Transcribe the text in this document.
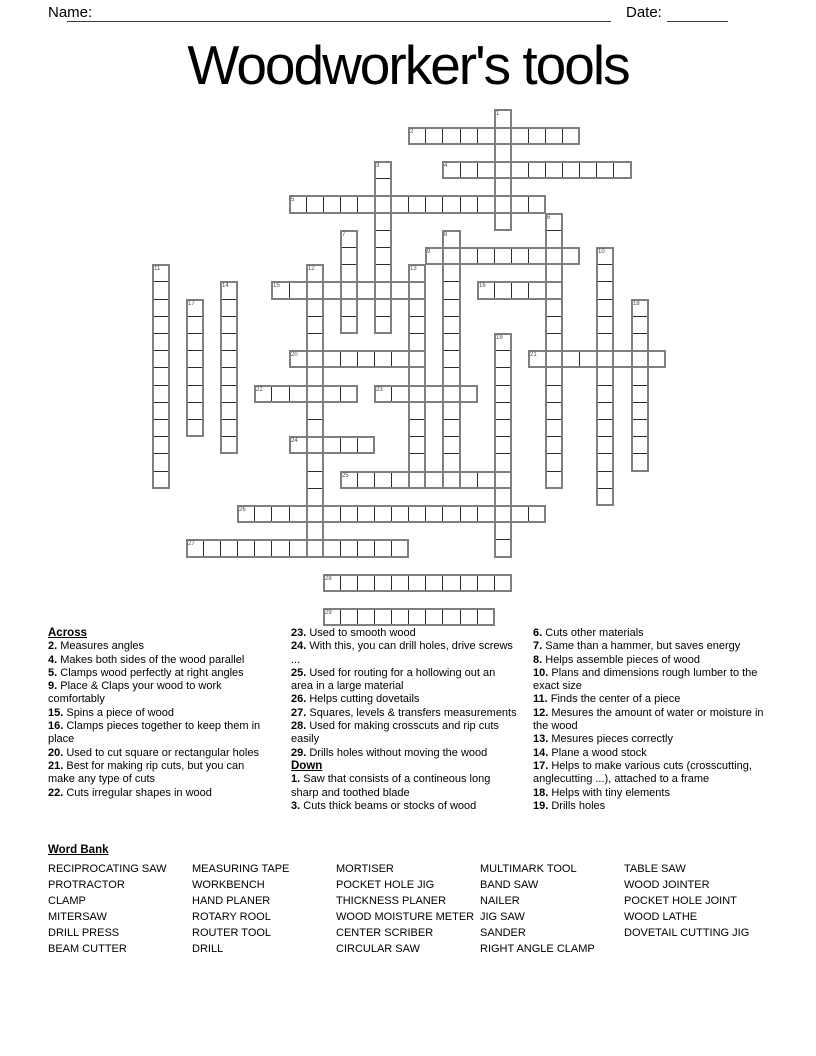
Name:	Date:
Woodworker's tools
1
2
3	4
5
6
7	8
9	10
11	12	13
14	15	16
17	18
19
20	21
22	23
24
25
26
27
28
29
Across

2. Measures angles

4. Makes both sides of the wood parallel

5. Clamps wood perfectly at right angles

9. Place & Claps your wood to work comfortably

15. Spins a piece of wood

16. Clamps pieces together to keep them in place

20. Used to cut square or rectangular holes

21. Best for making rip cuts, but you can make any type of cuts

22. Cuts irregular shapes in wood

23. Used to smooth wood

24. With this, you can drill holes, drive screws ...

25. Used for routing for a hollowing out an area in a large material

26. Helps cutting dovetails

27. Squares, levels & transfers measurements

28. Used for making crosscuts and rip cuts easily

29. Drills holes without moving the wood

Down

1. Saw that consists of a contineous long sharp and toothed blade

3. Cuts thick beams or stocks of wood

6. Cuts other materials

7. Same than a hammer, but saves energy

8. Helps assemble pieces of wood

10. Plans and dimensions rough lumber to the exact size

11. Finds the center of a piece

12. Mesures the amount of water or moisture in the wood

13. Mesures pieces correctly

14. Plane a wood stock

17. Helps to make various cuts (crosscutting, anglecutting ...), attached to a frame

18. Helps with tiny elements

19. Drills holes

Word Bank
RECIPROCATING SAW
PROTRACTOR
CLAMP
MITERSAW
DRILL PRESS
BEAM CUTTER
MEASURING TAPE
WORKBENCH
HAND PLANER
ROTARY ROOL
ROUTER TOOL
DRILL
MORTISER
POCKET HOLE JIG
THICKNESS PLANER
WOOD MOISTURE METER
CENTER SCRIBER
CIRCULAR SAW
MULTIMARK TOOL
BAND SAW
NAILER
JIG SAW
SANDER
RIGHT ANGLE CLAMP
TABLE SAW
WOOD JOINTER
POCKET HOLE JOINT
WOOD LATHE
DOVETAIL CUTTING JIG
